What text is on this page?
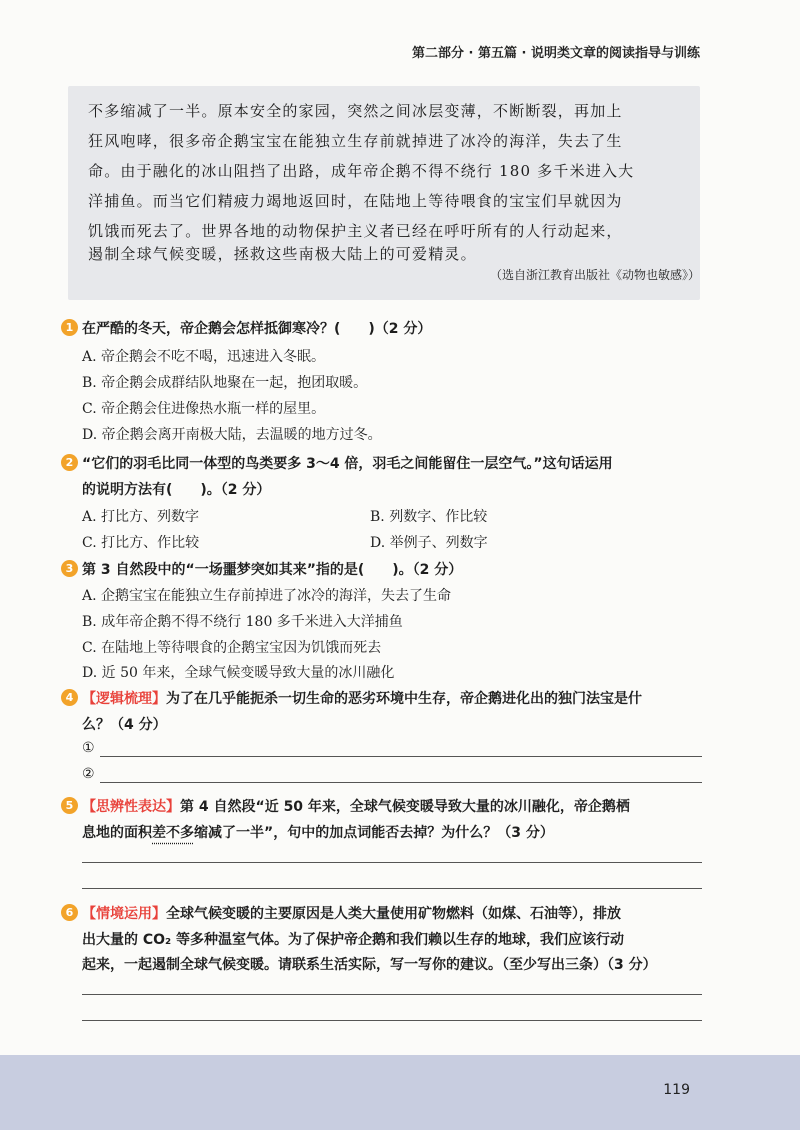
第二部分 · 第五篇 · 说明类文章的阅读指导与训练
不多缩减了一半。原本安全的家园，突然之间冰层变薄，不断断裂，再加上
狂风咆哮，很多帝企鹅宝宝在能独立生存前就掉进了冰冷的海洋，失去了生
命。由于融化的冰山阻挡了出路，成年帝企鹅不得不绕行 180 多千米进入大
洋捕鱼。而当它们精疲力竭地返回时，在陆地上等待喂食的宝宝们早就因为
饥饿而死去了。世界各地的动物保护主义者已经在呼吁所有的人行动起来，
遏制全球气候变暖，拯救这些南极大陆上的可爱精灵。
（选自浙江教育出版社《动物也敏感》）
1 在严酷的冬天，帝企鹅会怎样抵御寒冷？(　　)（2 分）
A. 帝企鹅会不吃不喝，迅速进入冬眠。
B. 帝企鹅会成群结队地聚在一起，抱团取暖。
C. 帝企鹅会住进像热水瓶一样的屋里。
D. 帝企鹅会离开南极大陆，去温暖的地方过冬。
2 “它们的羽毛比同一体型的鸟类要多 3～4 倍，羽毛之间能留住一层空气。”这句话运用
的说明方法有(　　)。（2 分）
A. 打比方、列数字	B. 列数字、作比较
C. 打比方、作比较	D. 举例子、列数字
3 第 3 自然段中的“一场噩梦突如其来”指的是(　　)。（2 分）
A. 企鹅宝宝在能独立生存前掉进了冰冷的海洋，失去了生命
B. 成年帝企鹅不得不绕行 180 多千米进入大洋捕鱼
C. 在陆地上等待喂食的企鹅宝宝因为饥饿而死去
D. 近 50 年来，全球气候变暖导致大量的冰川融化
4 【逻辑梳理】为了在几乎能扼杀一切生命的恶劣环境中生存，帝企鹅进化出的独门法宝是什
么？（4 分）
①
②
5 【思辨性表达】第 4 自然段“近 50 年来，全球气候变暖导致大量的冰川融化，帝企鹅栖
息地的面积差不多缩减了一半”，句中的加点词能否去掉？为什么？（3 分）
6 【情境运用】全球气候变暖的主要原因是人类大量使用矿物燃料（如煤、石油等），排放
出大量的 CO₂ 等多种温室气体。为了保护帝企鹅和我们赖以生存的地球，我们应该行动
起来，一起遏制全球气候变暖。请联系生活实际，写一写你的建议。（至少写出三条）（3 分）
119
